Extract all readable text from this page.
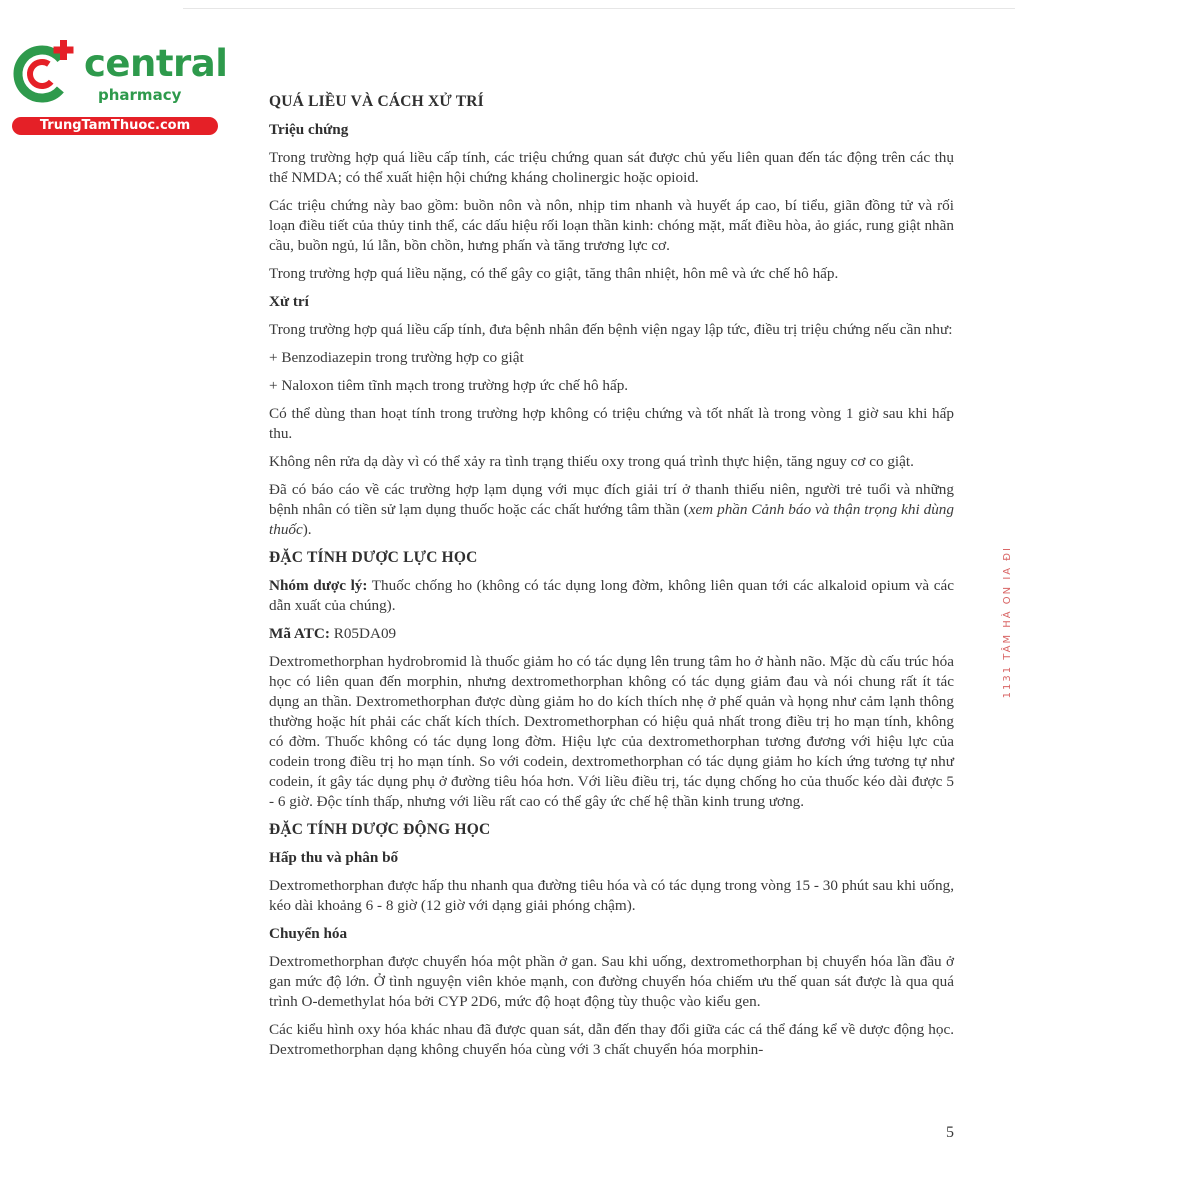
central
pharmacy
TrungTamThuoc.com
QUÁ LIỀU VÀ CÁCH XỬ TRÍ
Triệu chứng

Trong trường hợp quá liều cấp tính, các triệu chứng quan sát được chủ yếu liên quan đến tác động trên các thụ thể NMDA; có thể xuất hiện hội chứng kháng cholinergic hoặc opioid.

Các triệu chứng này bao gồm: buồn nôn và nôn, nhịp tim nhanh và huyết áp cao, bí tiểu, giãn đồng tử và rối loạn điều tiết của thủy tinh thể, các dấu hiệu rối loạn thần kinh: chóng mặt, mất điều hòa, ảo giác, rung giật nhãn cầu, buồn ngủ, lú lẫn, bồn chồn, hưng phấn và tăng trương lực cơ.

Trong trường hợp quá liều nặng, có thể gây co giật, tăng thân nhiệt, hôn mê và ức chế hô hấp.

Xử trí

Trong trường hợp quá liều cấp tính, đưa bệnh nhân đến bệnh viện ngay lập tức, điều trị triệu chứng nếu cần như:

+ Benzodiazepin trong trường hợp co giật

+ Naloxon tiêm tĩnh mạch trong trường hợp ức chế hô hấp.

Có thể dùng than hoạt tính trong trường hợp không có triệu chứng và tốt nhất là trong vòng 1 giờ sau khi hấp thu.

Không nên rửa dạ dày vì có thể xảy ra tình trạng thiếu oxy trong quá trình thực hiện, tăng nguy cơ co giật.

Đã có báo cáo về các trường hợp lạm dụng với mục đích giải trí ở thanh thiếu niên, người trẻ tuổi và những bệnh nhân có tiền sử lạm dụng thuốc hoặc các chất hướng tâm thần (xem phần Cảnh báo và thận trọng khi dùng thuốc).

ĐẶC TÍNH DƯỢC LỰC HỌC

Nhóm dược lý: Thuốc chống ho (không có tác dụng long đờm, không liên quan tới các alkaloid opium và các dẫn xuất của chúng).

Mã ATC: R05DA09

Dextromethorphan hydrobromid là thuốc giảm ho có tác dụng lên trung tâm ho ở hành não. Mặc dù cấu trúc hóa học có liên quan đến morphin, nhưng dextromethorphan không có tác dụng giảm đau và nói chung rất ít tác dụng an thần. Dextromethorphan được dùng giảm ho do kích thích nhẹ ở phế quản và họng như cảm lạnh thông thường hoặc hít phải các chất kích thích. Dextromethorphan có hiệu quả nhất trong điều trị ho mạn tính, không có đờm. Thuốc không có tác dụng long đờm. Hiệu lực của dextromethorphan tương đương với hiệu lực của codein trong điều trị ho mạn tính. So với codein, dextromethorphan có tác dụng giảm ho kích ứng tương tự như codein, ít gây tác dụng phụ ở đường tiêu hóa hơn. Với liều điều trị, tác dụng chống ho của thuốc kéo dài được 5 - 6 giờ. Độc tính thấp, nhưng với liều rất cao có thể gây ức chế hệ thần kinh trung ương.

ĐẶC TÍNH DƯỢC ĐỘNG HỌC
Hấp thu và phân bố

Dextromethorphan được hấp thu nhanh qua đường tiêu hóa và có tác dụng trong vòng 15 - 30 phút sau khi uống, kéo dài khoảng 6 - 8 giờ (12 giờ với dạng giải phóng chậm).

Chuyển hóa

Dextromethorphan được chuyển hóa một phần ở gan. Sau khi uống, dextromethorphan bị chuyển hóa lần đầu ở gan mức độ lớn. Ở tình nguyện viên khỏe mạnh, con đường chuyển hóa chiếm ưu thế quan sát được là qua quá trình O-demethylat hóa bởi CYP 2D6, mức độ hoạt động tùy thuộc vào kiểu gen.

Các kiểu hình oxy hóa khác nhau đã được quan sát, dẫn đến thay đổi giữa các cá thể đáng kể về dược động học. Dextromethorphan dạng không chuyển hóa cùng với 3 chất chuyển hóa morphin-

1131 TÂM HÀ ON IA ĐI
5
